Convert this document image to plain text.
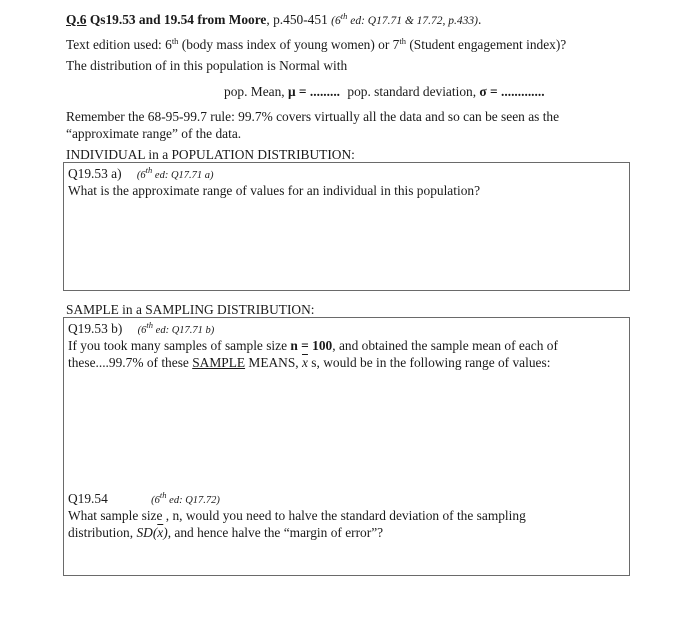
Q.6 Qs19.53 and 19.54 from Moore, p.450-451 (6th ed: Q17.71 & 17.72, p.433).
Text edition used: 6th (body mass index of young women) or 7th (Student engagement index)?
The distribution of in this population is Normal with
pop. Mean, μ = ......... pop. standard deviation, σ = .............
Remember the 68-95-99.7 rule: 99.7% covers virtually all the data and so can be seen as the
“approximate range” of the data.
INDIVIDUAL in a POPULATION DISTRIBUTION:
Q19.53 a) (6th ed: Q17.71 a)
What is the approximate range of values for an individual in this population?
SAMPLE in a SAMPLING DISTRIBUTION:
Q19.53 b) (6th ed: Q17.71 b)
If you took many samples of sample size n = 100, and obtained the sample mean of each of
these....99.7% of these SAMPLE MEANS, $\overline{x}$ s, would be in the following range of values:
Q19.54	(6th ed: Q17.72)
What sample size , n, would you need to halve the standard deviation of the sampling
distribution, $SD(\overline{x})$, and hence halve the “margin of error”?
